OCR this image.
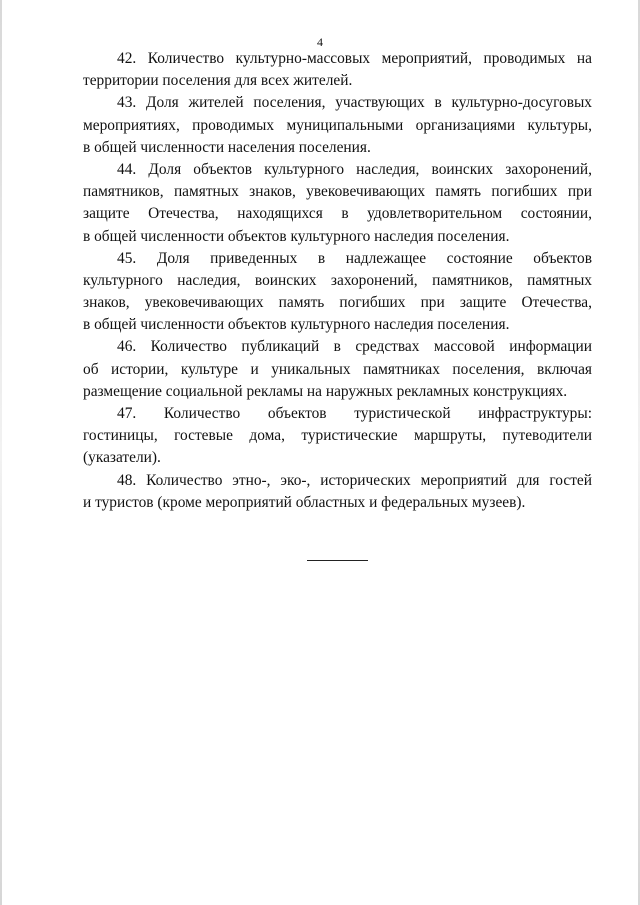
4
42. Количество культурно-массовых мероприятий, проводимых на
территории поселения для всех жителей.
43. Доля жителей поселения, участвующих в культурно-досуговых
мероприятиях, проводимых муниципальными организациями культуры,
в общей численности населения поселения.
44. Доля объектов культурного наследия, воинских захоронений,
памятников, памятных знаков, увековечивающих память погибших при
защите Отечества, находящихся в удовлетворительном состоянии,
в общей численности объектов культурного наследия поселения.
45. Доля приведенных в надлежащее состояние объектов
культурного наследия, воинских захоронений, памятников, памятных
знаков, увековечивающих память погибших при защите Отечества,
в общей численности объектов культурного наследия поселения.
46. Количество публикаций в средствах массовой информации
об истории, культуре и уникальных памятниках поселения, включая
размещение социальной рекламы на наружных рекламных конструкциях.
47. Количество объектов туристической инфраструктуры:
гостиницы, гостевые дома, туристические маршруты, путеводители
(указатели).
48. Количество этно-, эко-, исторических мероприятий для гостей
и туристов (кроме мероприятий областных и федеральных музеев).
